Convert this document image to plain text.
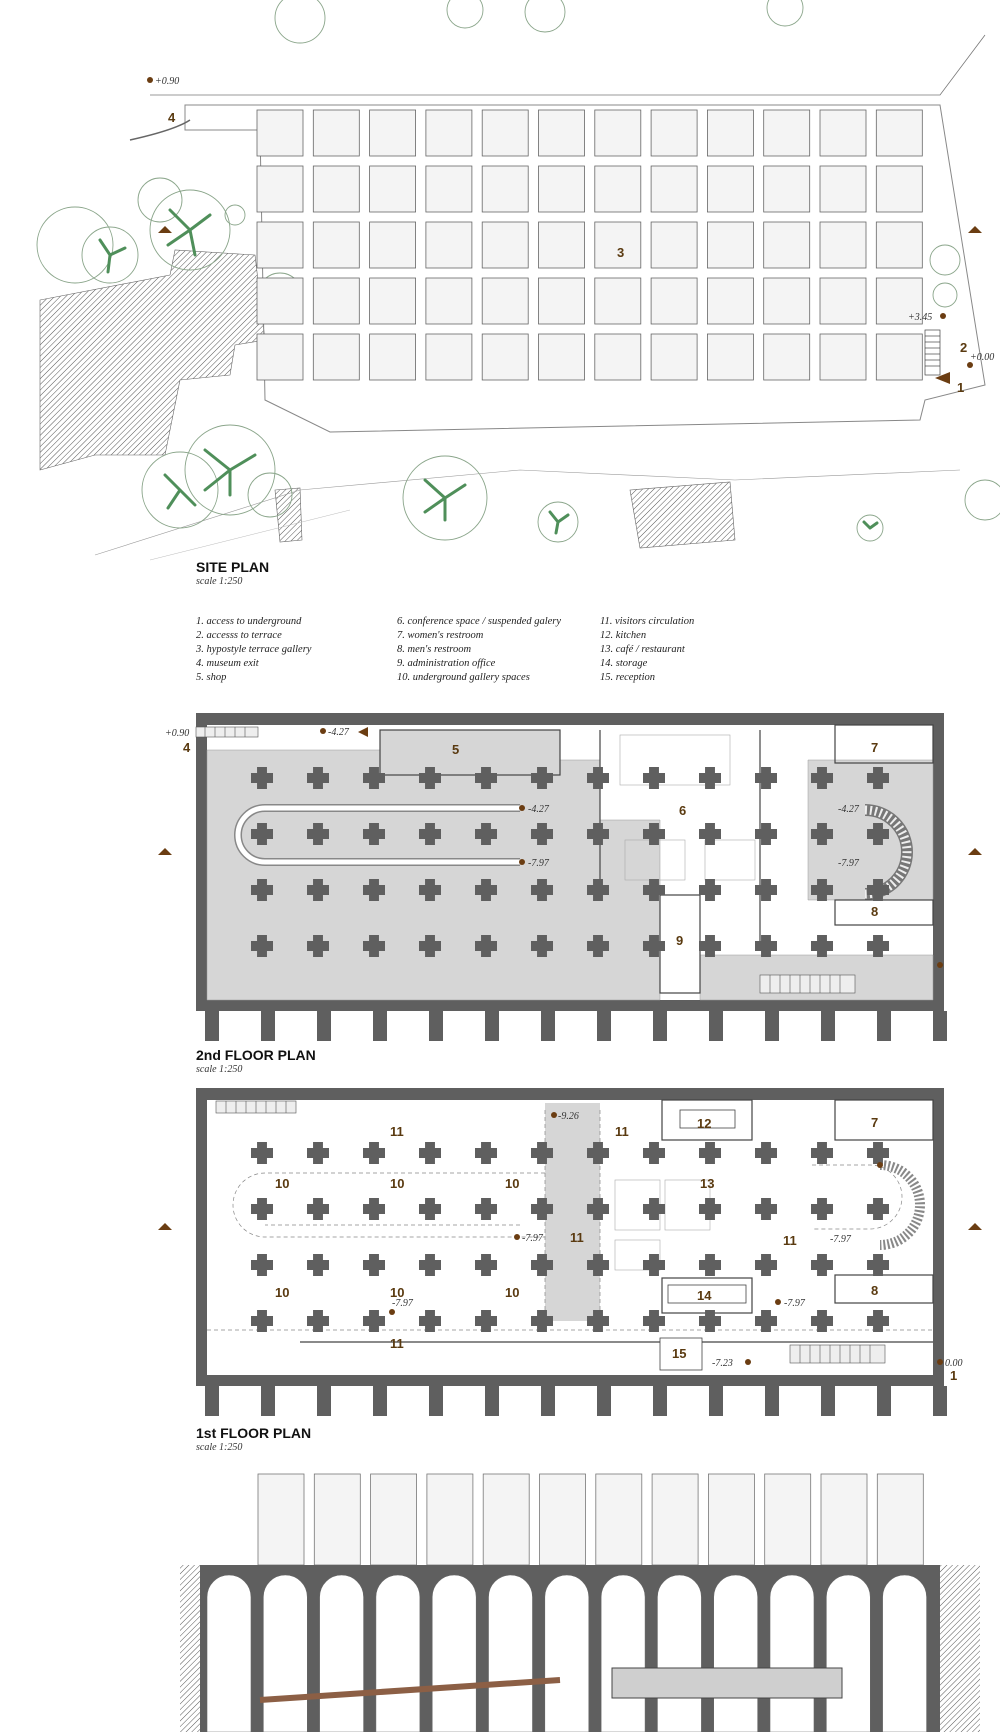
+0.90
+3.45
+0.00
4
3
2
1
SITE PLAN
scale 1:250
1. access to underground
2. accesss to terrace
3. hypostyle terrace gallery
4. museum exit
5. shop
6. conference space / suspended galery
7. women's restroom
8. men's restroom
9. administration office
10. underground gallery spaces
11. visitors circulation
12. kitchen
13. café / restaurant
14. storage
15. reception
+0.90	-4.27
-4.27
-7.97
-4.27
-7.97
4	5
6
7
8
9
2nd FLOOR PLAN
scale 1:250
-9.26
-7.97
-7.97
-7.97
-7.97
-7.23	0.00
11	11
12	7
10	10	10	13
11	11
10	10	10	14	8
11
15
1
1st FLOOR PLAN
scale 1:250
